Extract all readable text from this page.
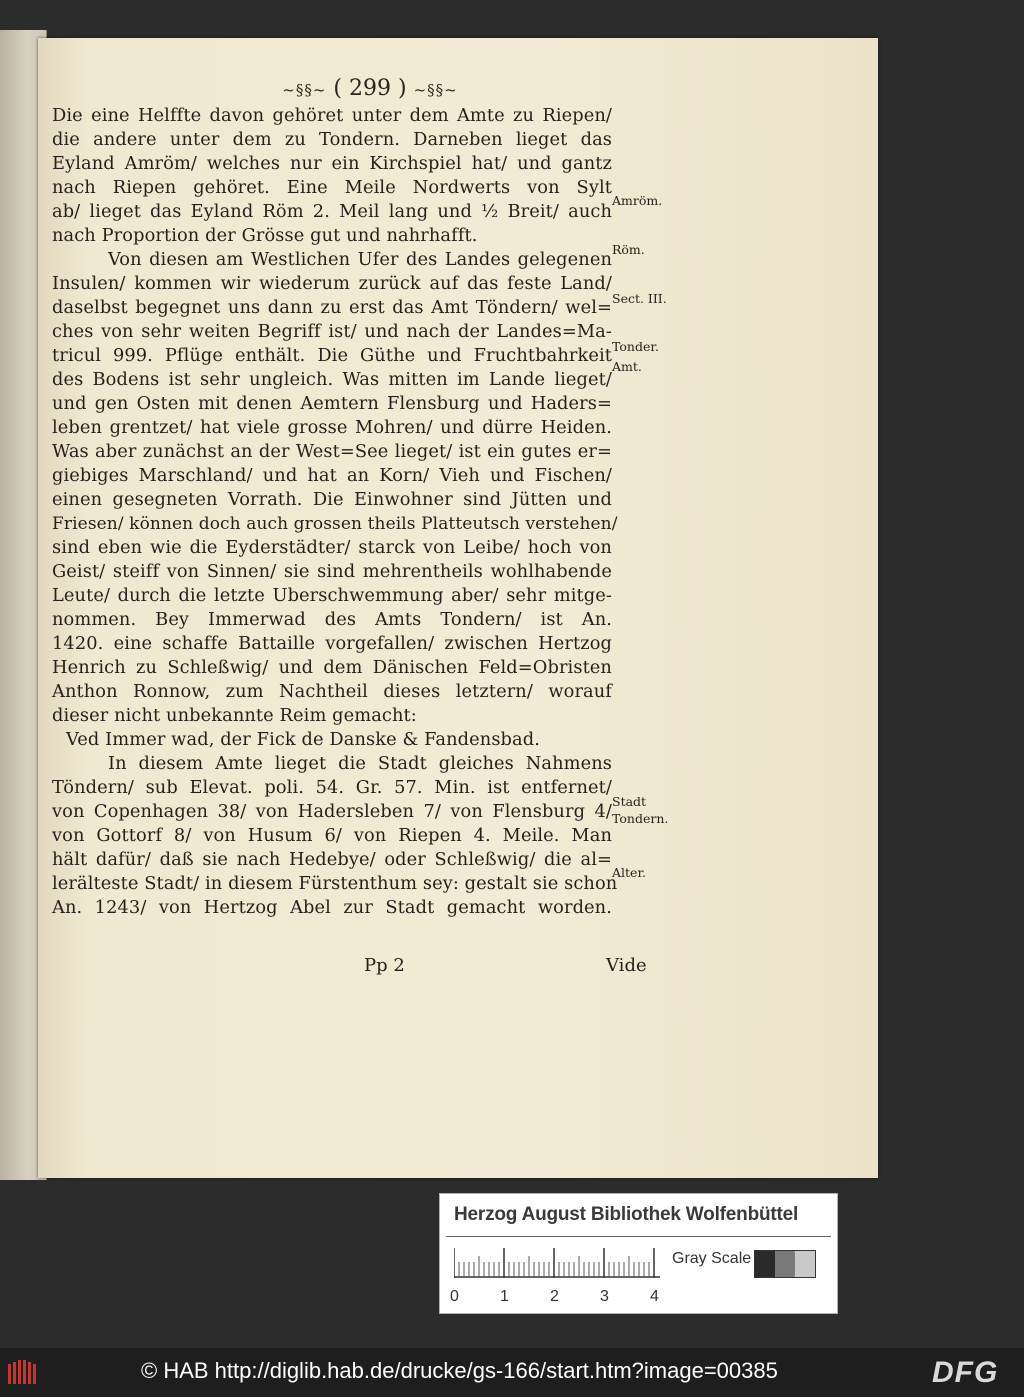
~§§~ ( 299 ) ~§§~
Die eine Helffte davon gehöret unter dem Amte zu Riepen/
die andere unter dem zu Tondern. Darneben lieget das
Eyland Amröm/ welches nur ein Kirchspiel hat/ und gantz
nach Riepen gehöret. Eine Meile Nordwerts von Sylt
ab/ lieget das Eyland Röm 2. Meil lang und ½ Breit/ auch
nach Proportion der Grösse gut und nahrhafft.
Von diesen am Westlichen Ufer des Landes gelegenen
Insulen/ kommen wir wiederum zurück auf das feste Land/
daselbst begegnet uns dann zu erst das Amt Töndern/ wel=
ches von sehr weiten Begriff ist/ und nach der Landes=Ma-
tricul 999. Pflüge enthält. Die Güthe und Fruchtbahrkeit
des Bodens ist sehr ungleich. Was mitten im Lande lieget/
und gen Osten mit denen Aemtern Flensburg und Haders=
leben grentzet/ hat viele grosse Mohren/ und dürre Heiden.
Was aber zunächst an der West=See lieget/ ist ein gutes er=
giebiges Marschland/ und hat an Korn/ Vieh und Fischen/
einen gesegneten Vorrath. Die Einwohner sind Jütten und
Friesen/ können doch auch grossen theils Platteutsch verstehen/
sind eben wie die Eyderstädter/ starck von Leibe/ hoch von
Geist/ steiff von Sinnen/ sie sind mehrentheils wohlhabende
Leute/ durch die letzte Uberschwemmung aber/ sehr mitge-
nommen. Bey Immerwad des Amts Tondern/ ist An.
1420. eine schaffe Battaille vorgefallen/ zwischen Hertzog
Henrich zu Schleßwig/ und dem Dänischen Feld=Obristen
Anthon Ronnow, zum Nachtheil dieses letztern/ worauf
dieser nicht unbekannte Reim gemacht:
Ved Immer wad, der Fick de Danske & Fandensbad.
In diesem Amte lieget die Stadt gleiches Nahmens
Töndern/ sub Elevat. poli. 54. Gr. 57. Min. ist entfernet/
von Copenhagen 38/ von Hadersleben 7/ von Flensburg 4/
von Gottorf 8/ von Husum 6/ von Riepen 4. Meile. Man
hält dafür/ daß sie nach Hedebye/ oder Schleßwig/ die al=
lerälteste Stadt/ in diesem Fürstenthum sey: gestalt sie schon
An. 1243/ von Hertzog Abel zur Stadt gemacht worden.
Amröm.
Röm.
Sect. III.
Tonder.
Amt.
Stadt
Tondern.
Alter.
Pp 2	Vide
Herzog August Bibliothek Wolfenbüttel
Gray Scale
0	1	2	3	4
© HAB http://diglib.hab.de/drucke/gs-166/start.htm?image=00385	DFG
